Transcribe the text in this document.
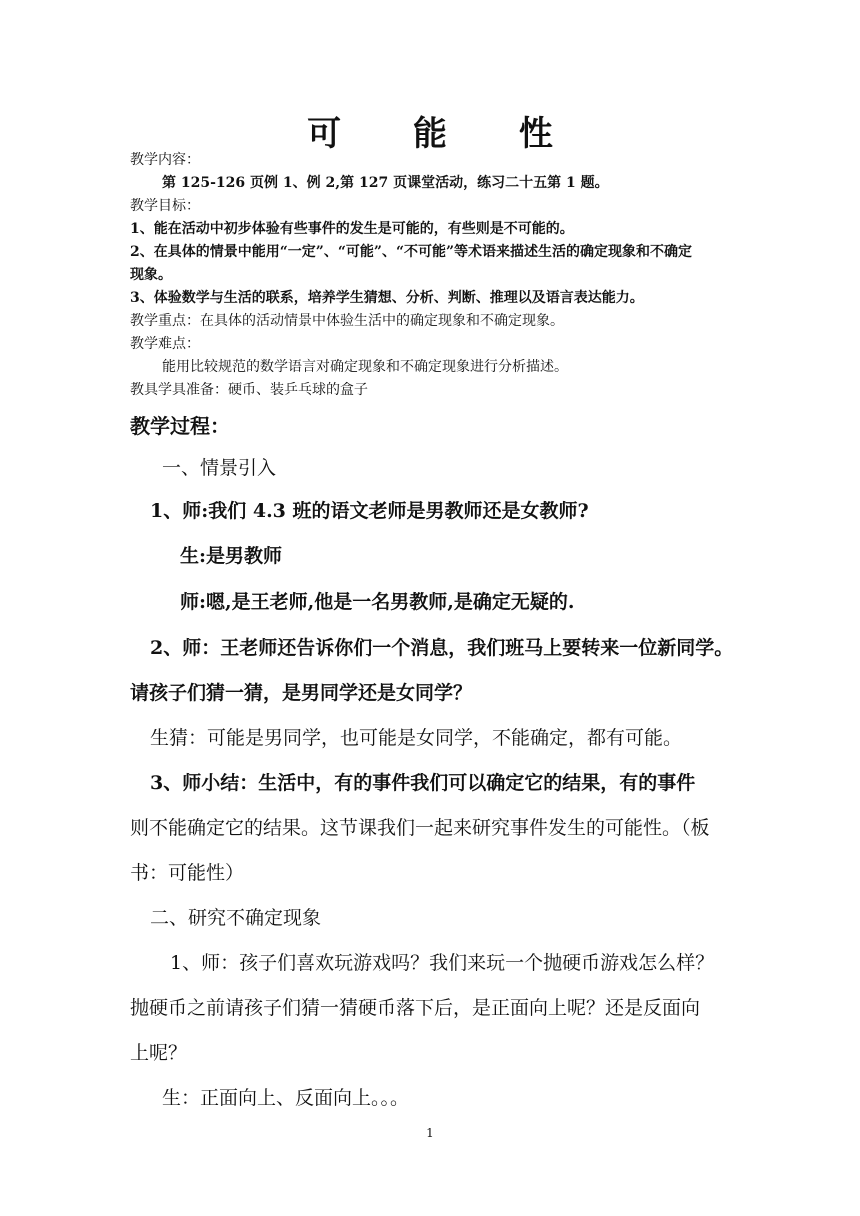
可 能 性
教学内容：
第 125-126 页例 1、例 2,第 127 页课堂活动，练习二十五第 1 题。
教学目标：
1、能在活动中初步体验有些事件的发生是可能的，有些则是不可能的。
2、在具体的情景中能用“一定”、“可能”、“不可能”等术语来描述生活的确定现象和不确定
现象。
3、体验数学与生活的联系，培养学生猜想、分析、判断、推理以及语言表达能力。
教学重点：在具体的活动情景中体验生活中的确定现象和不确定现象。
教学难点：
能用比较规范的数学语言对确定现象和不确定现象进行分析描述。
教具学具准备：硬币、装乒乓球的盒子
教学过程：
一、情景引入
1、师:我们 4.3 班的语文老师是男教师还是女教师?
生:是男教师
师:嗯,是王老师,他是一名男教师,是确定无疑的.
2、师：王老师还告诉你们一个消息，我们班马上要转来一位新同学。
请孩子们猜一猜，是男同学还是女同学？
生猜：可能是男同学，也可能是女同学，不能确定，都有可能。
3、师小结：生活中，有的事件我们可以确定它的结果，有的事件
则不能确定它的结果。这节课我们一起来研究事件发生的可能性。（板
书：可能性）
二、研究不确定现象
1、师：孩子们喜欢玩游戏吗？我们来玩一个抛硬币游戏怎么样？
抛硬币之前请孩子们猜一猜硬币落下后，是正面向上呢？还是反面向
上呢？
生：正面向上、反面向上。。。
1
